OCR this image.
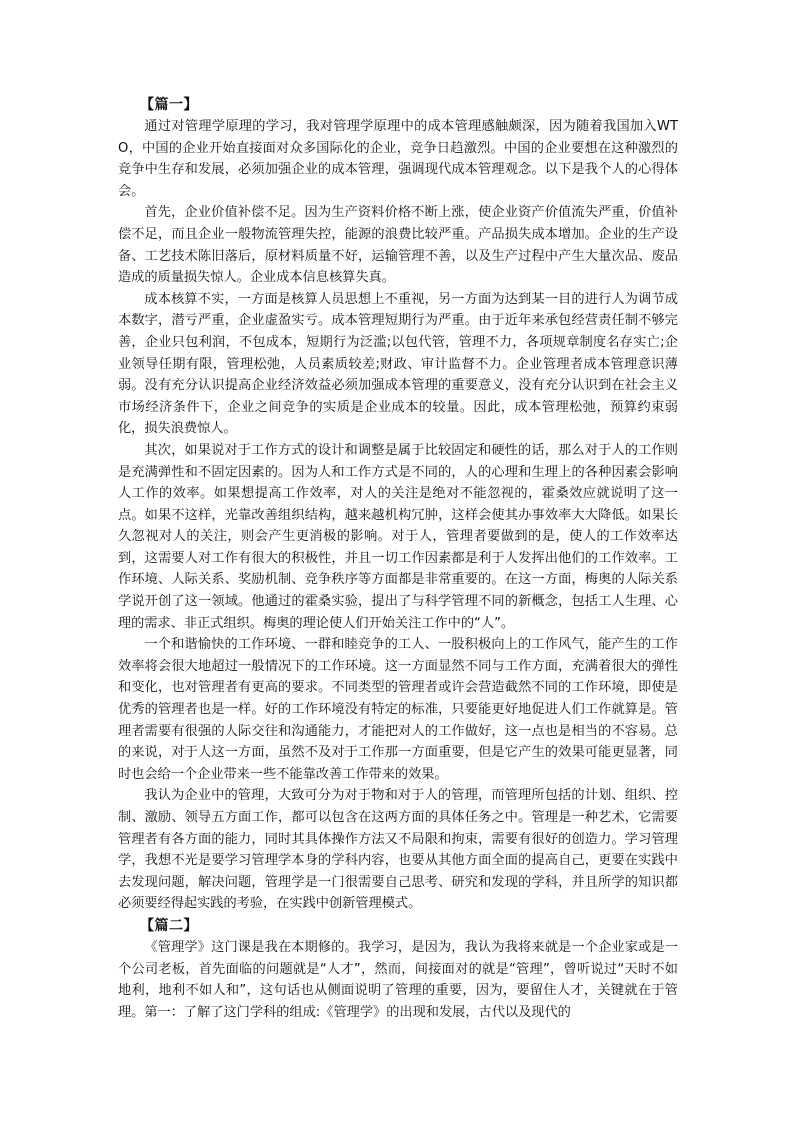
【篇一】

通过对管理学原理的学习，我对管理学原理中的成本管理感触颇深，因为随着我国加入WTO，中国的企业开始直接面对众多国际化的企业，竞争日趋激烈。中国的企业要想在这种激烈的竞争中生存和发展，必须加强企业的成本管理，强调现代成本管理观念。以下是我个人的心得体会。

首先，企业价值补偿不足。因为生产资料价格不断上涨，使企业资产价值流失严重，价值补偿不足，而且企业一般物流管理失控，能源的浪费比较严重。产品损失成本增加。企业的生产设备、工艺技术陈旧落后，原材料质量不好，运输管理不善，以及生产过程中产生大量次品、废品造成的质量损失惊人。企业成本信息核算失真。

成本核算不实，一方面是核算人员思想上不重视，另一方面为达到某一目的进行人为调节成本数字，潜亏严重，企业虚盈实亏。成本管理短期行为严重。由于近年来承包经营责任制不够完善，企业只包利润，不包成本，短期行为泛滥;以包代管，管理不力，各项规章制度名存实亡;企业领导任期有限，管理松弛，人员素质较差;财政、审计监督不力。企业管理者成本管理意识薄弱。没有充分认识提高企业经济效益必须加强成本管理的重要意义，没有充分认识到在社会主义市场经济条件下，企业之间竞争的实质是企业成本的较量。因此，成本管理松弛，预算约束弱化，损失浪费惊人。

其次，如果说对于工作方式的设计和调整是属于比较固定和硬性的话，那么对于人的工作则是充满弹性和不固定因素的。因为人和工作方式是不同的，人的心理和生理上的各种因素会影响人工作的效率。如果想提高工作效率，对人的关注是绝对不能忽视的，霍桑效应就说明了这一点。如果不这样，光靠改善组织结构，越来越机构冗肿，这样会使其办事效率大大降低。如果长久忽视对人的关注，则会产生更消极的影响。对于人，管理者要做到的是，使人的工作效率达到，这需要人对工作有很大的积极性，并且一切工作因素都是利于人发挥出他们的工作效率。工作环境、人际关系、奖励机制、竞争秩序等方面都是非常重要的。在这一方面，梅奥的人际关系学说开创了这一领域。他通过的霍桑实验，提出了与科学管理不同的新概念，包括工人生理、心理的需求、非正式组织。梅奥的理论使人们开始关注工作中的“人”。

一个和谐愉快的工作环境、一群和睦竞争的工人、一股积极向上的工作风气，能产生的工作效率将会很大地超过一般情况下的工作环境。这一方面显然不同与工作方面，充满着很大的弹性和变化，也对管理者有更高的要求。不同类型的管理者或许会营造截然不同的工作环境，即使是优秀的管理者也是一样。好的工作环境没有特定的标准，只要能更好地促进人们工作就算是。管理者需要有很强的人际交往和沟通能力，才能把对人的工作做好，这一点也是相当的不容易。总的来说，对于人这一方面，虽然不及对于工作那一方面重要，但是它产生的效果可能更显著，同时也会给一个企业带来一些不能靠改善工作带来的效果。

我认为企业中的管理，大致可分为对于物和对于人的管理，而管理所包括的计划、组织、控制、激励、领导五方面工作，都可以包含在这两方面的具体任务之中。管理是一种艺术，它需要管理者有各方面的能力，同时其具体操作方法又不局限和拘束，需要有很好的创造力。学习管理学，我想不光是要学习管理学本身的学科内容，也要从其他方面全面的提高自己，更要在实践中去发现问题，解决问题，管理学是一门很需要自己思考、研究和发现的学科，并且所学的知识都必须要经得起实践的考验，在实践中创新管理模式。

【篇二】

《管理学》这门课是我在本期修的。我学习，是因为，我认为我将来就是一个企业家或是一个公司老板，首先面临的问题就是“人才”，然而，间接面对的就是“管理”，曾听说过“天时不如地利，地利不如人和”，这句话也从侧面说明了管理的重要，因为，要留住人才，关键就在于管理。第一：了解了这门学科的组成:《管理学》的出现和发展，古代以及现代的
